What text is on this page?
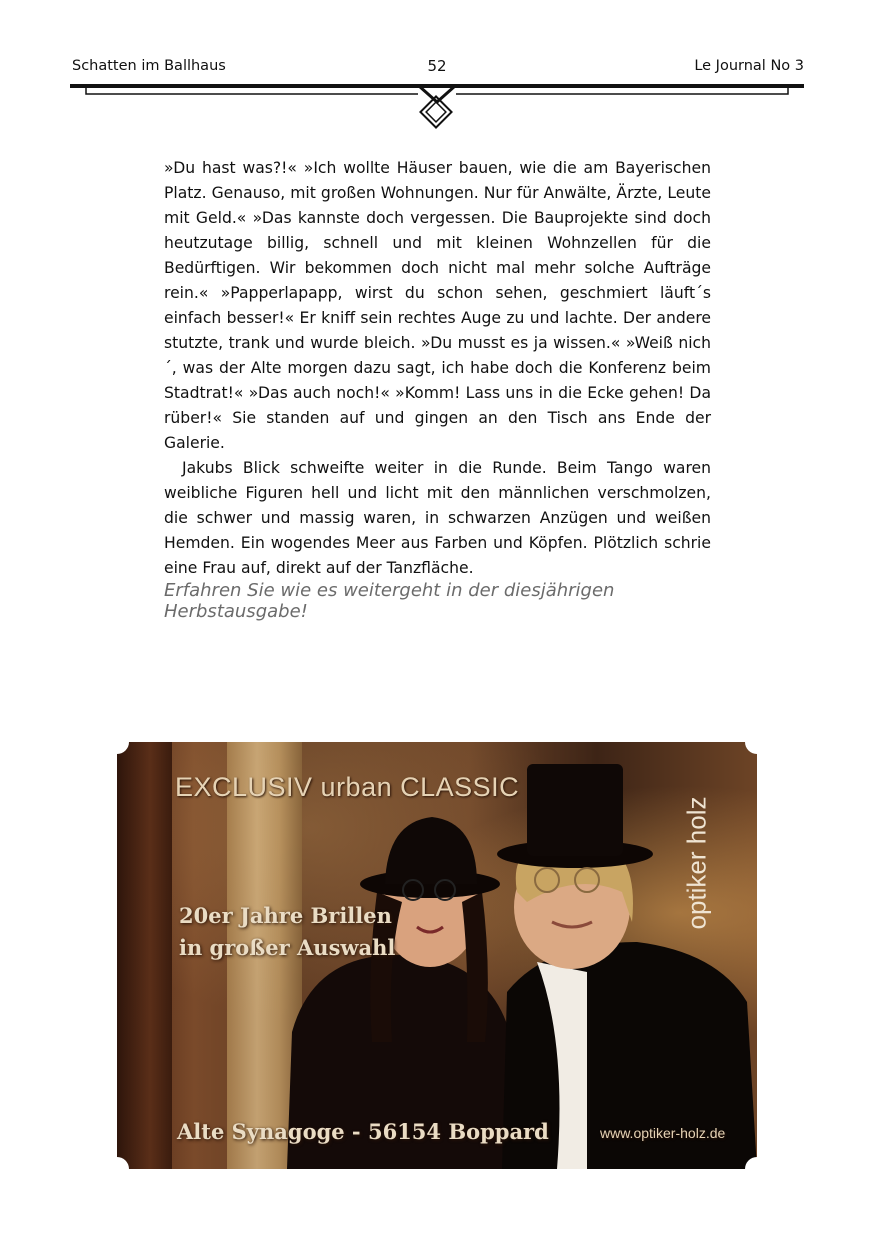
Schatten im Ballhaus	52	Le Journal No 3

»Du hast was?!« »Ich wollte Häuser bauen, wie die am Bayerischen Platz. Genauso, mit großen Wohnungen. Nur für Anwälte, Ärzte, Leute mit Geld.« »Das kannste doch vergessen. Die Bauprojekte sind doch heutzutage billig, schnell und mit kleinen Wohnzellen für die Bedürftigen. Wir bekommen doch nicht mal mehr solche Aufträge rein.« »Papperlapapp, wirst du schon sehen, geschmiert läuft´s einfach besser!« Er kniff sein rechtes Auge zu und lachte. Der andere stutzte, trank und wurde bleich. »Du musst es ja wissen.« »Weiß nich´, was der Alte morgen dazu sagt, ich habe doch die Konferenz beim Stadtrat!« »Das auch noch!« »Komm! Lass uns in die Ecke gehen! Da rüber!« Sie standen auf und gingen an den Tisch ans Ende der Galerie.

Jakubs Blick schweifte weiter in die Runde. Beim Tango waren weibliche Figuren hell und licht mit den männlichen verschmolzen, die schwer und massig waren, in schwarzen Anzügen und weißen Hemden. Ein wogendes Meer aus Farben und Köpfen. Plötzlich schrie eine Frau auf, direkt auf der Tanzfläche.

Erfahren Sie wie es weitergeht in der diesjährigen Herbstausgabe!
EXCLUSIV urban CLASSIC
20er Jahre Brillen
in großer Auswahl
optiker holz
Alte Synagoge - 56154 Boppard	www.optiker-holz.de
